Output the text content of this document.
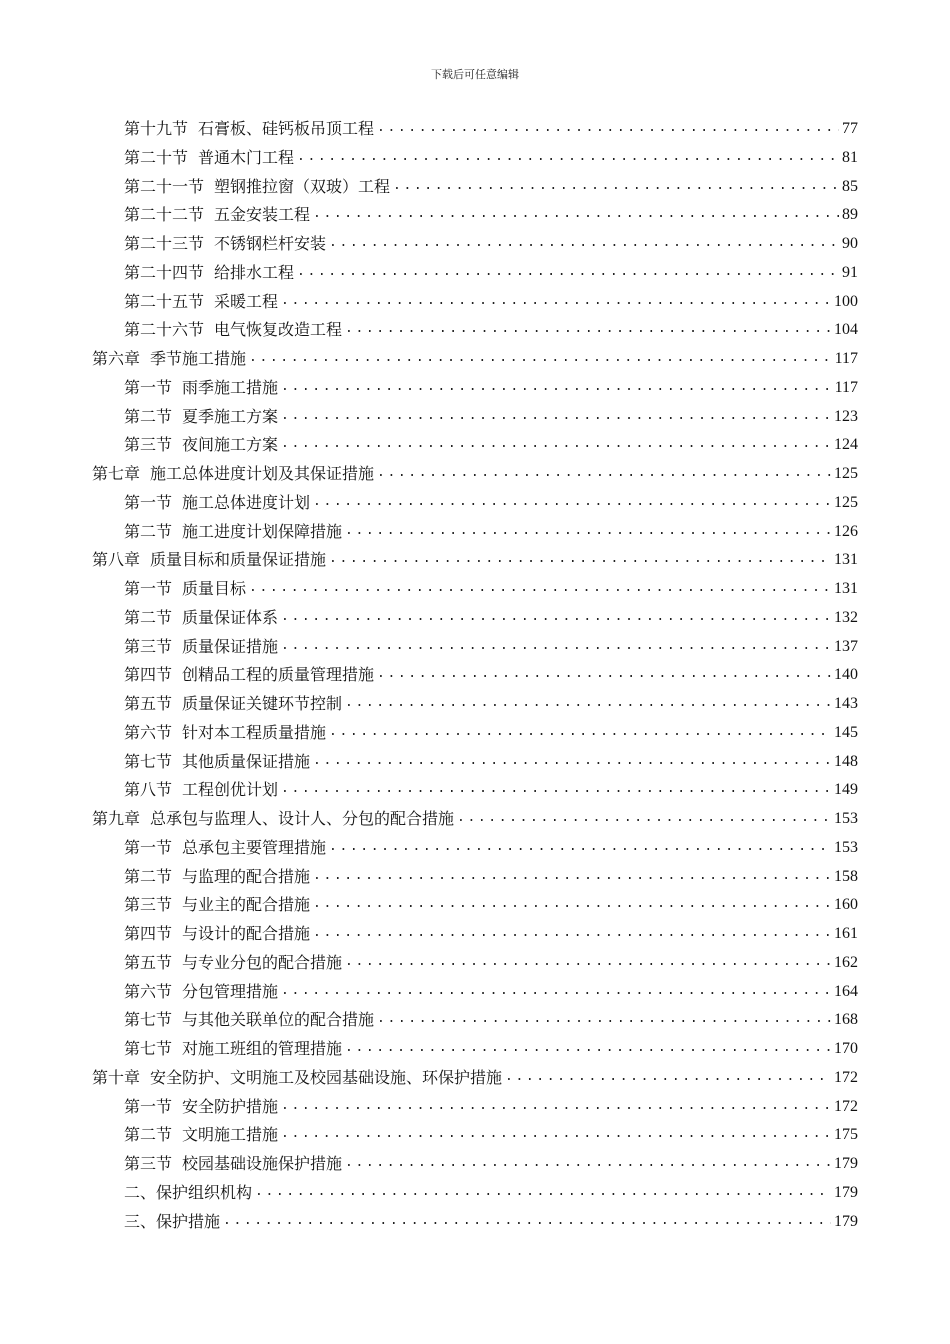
下载后可任意编辑
第十九节 石膏板、硅钙板吊顶工程 .....	77
第二十节 普通木门工程 .....	81
第二十一节 塑钢推拉窗（双玻）工程 .....	85
第二十二节 五金安装工程 .....	89
第二十三节 不锈钢栏杆安装 .....	90
第二十四节 给排水工程 .....	91
第二十五节 采暖工程 .....	100
第二十六节 电气恢复改造工程 .....	104
第六章 季节施工措施 .....	117
第一节 雨季施工措施 .....	117
第二节 夏季施工方案 .....	123
第三节 夜间施工方案 .....	124
第七章 施工总体进度计划及其保证措施 .....	125
第一节 施工总体进度计划 .....	125
第二节 施工进度计划保障措施 .....	126
第八章 质量目标和质量保证措施 .....	131
第一节 质量目标 .....	131
第二节 质量保证体系 .....	132
第三节 质量保证措施 .....	137
第四节 创精品工程的质量管理措施 .....	140
第五节 质量保证关键环节控制 .....	143
第六节 针对本工程质量措施 .....	145
第七节 其他质量保证措施 .....	148
第八节 工程创优计划 .....	149
第九章 总承包与监理人、设计人、分包的配合措施 .....	153
第一节 总承包主要管理措施 .....	153
第二节 与监理的配合措施 .....	158
第三节 与业主的配合措施 .....	160
第四节 与设计的配合措施 .....	161
第五节 与专业分包的配合措施 .....	162
第六节 分包管理措施 .....	164
第七节 与其他关联单位的配合措施 .....	168
第七节 对施工班组的管理措施 .....	170
第十章 安全防护、文明施工及校园基础设施、环保护措施 .....	172
第一节 安全防护措施 .....	172
第二节 文明施工措施 .....	175
第三节 校园基础设施保护措施 .....	179
二、保护组织机构 .....	179
三、保护措施 .....	179
